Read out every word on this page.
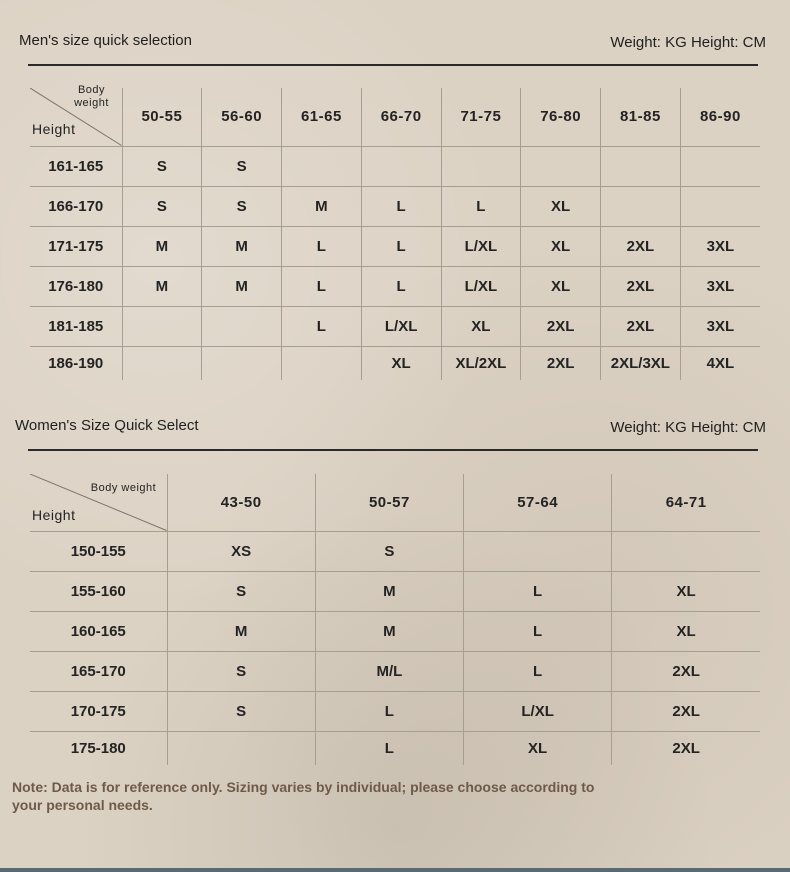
Men's size quick selection	Weight: KG Height: CM
Body weight
Height	50-55	56-60	61-65	66-70	71-75	76-80	81-85	86-90
161-165	S	S						
166-170	S	S	M	L	L	XL		
171-175	M	M	L	L	L/XL	XL	2XL	3XL
176-180	M	M	L	L	L/XL	XL	2XL	3XL
181-185			L	L/XL	XL	2XL	2XL	3XL
186-190				XL	XL/2XL	2XL	2XL/3XL	4XL
Women's Size Quick Select	Weight: KG Height: CM
Body weight
Height	43-50	50-57	57-64	64-71
150-155	XS	S		
155-160	S	M	L	XL
160-165	M	M	L	XL
165-170	S	M/L	L	2XL
170-175	S	L	L/XL	2XL
175-180		L	XL	2XL
Note: Data is for reference only. Sizing varies by individual; please choose according to your personal needs.
